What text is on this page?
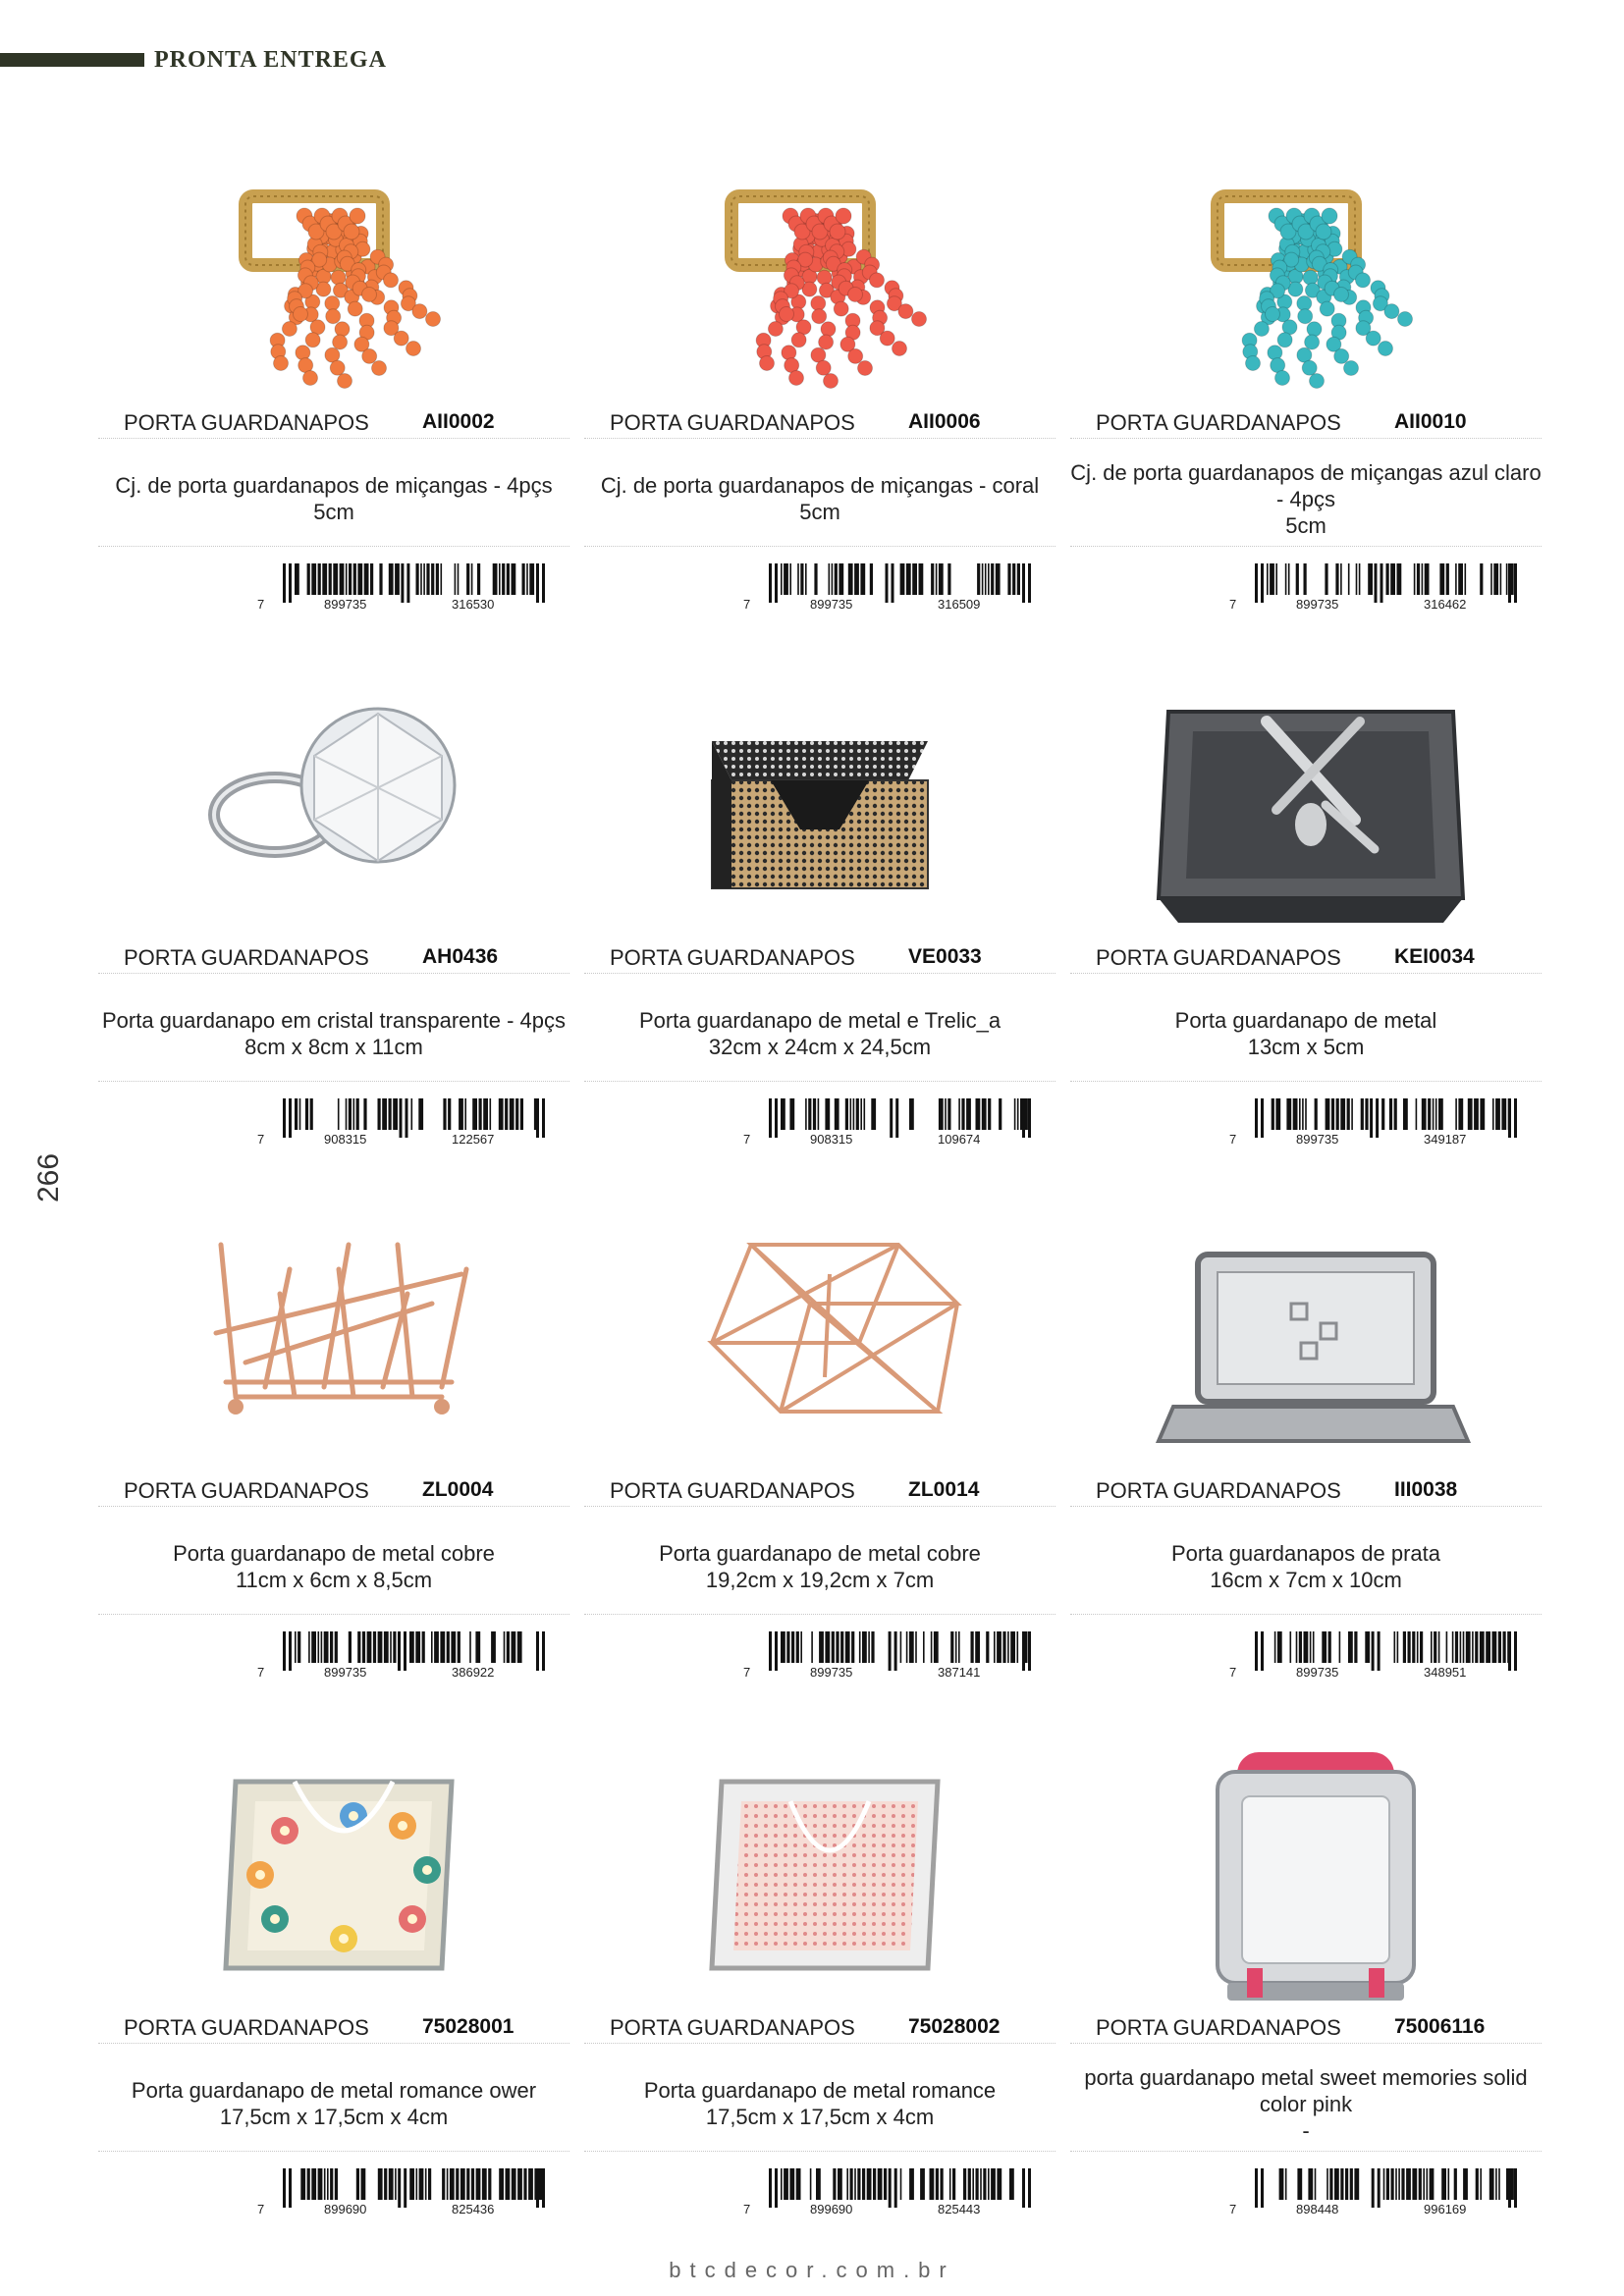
PRONTA ENTREGA
266
PORTA GUARDANAPOS	AII0002
Cj. de porta guardanapos de miçangas - 4pçs
5cm
7	899735	316530
PORTA GUARDANAPOS	AII0006
Cj. de porta guardanapos de miçangas - coral
5cm
7	899735	316509
PORTA GUARDANAPOS	AII0010
Cj. de porta guardanapos de miçangas azul claro - 4pçs
5cm
7	899735	316462
PORTA GUARDANAPOS	AH0436
Porta guardanapo em cristal transparente - 4pçs
8cm x 8cm x 11cm
7	908315	122567
PORTA GUARDANAPOS	VE0033
Porta guardanapo de metal e Trelic_a
32cm x 24cm x 24,5cm
7	908315	109674
PORTA GUARDANAPOS	KEI0034
Porta guardanapo de metal
13cm x 5cm
7	899735	349187
PORTA GUARDANAPOS	ZL0004
Porta guardanapo de metal cobre
11cm x 6cm x 8,5cm
7	899735	386922
PORTA GUARDANAPOS	ZL0014
Porta guardanapo de metal cobre
19,2cm x 19,2cm x 7cm
7	899735	387141
PORTA GUARDANAPOS	III0038
Porta guardanapos de prata
16cm x 7cm x 10cm
7	899735	348951
PORTA GUARDANAPOS	75028001
Porta guardanapo de metal romance ower
17,5cm x 17,5cm x 4cm
7	899690	825436
PORTA GUARDANAPOS	75028002
Porta guardanapo de metal romance
17,5cm x 17,5cm x 4cm
7	899690	825443
PORTA GUARDANAPOS	75006116
porta guardanapo metal sweet memories solid color pink
-
7	898448	996169
btcdecor.com.br
